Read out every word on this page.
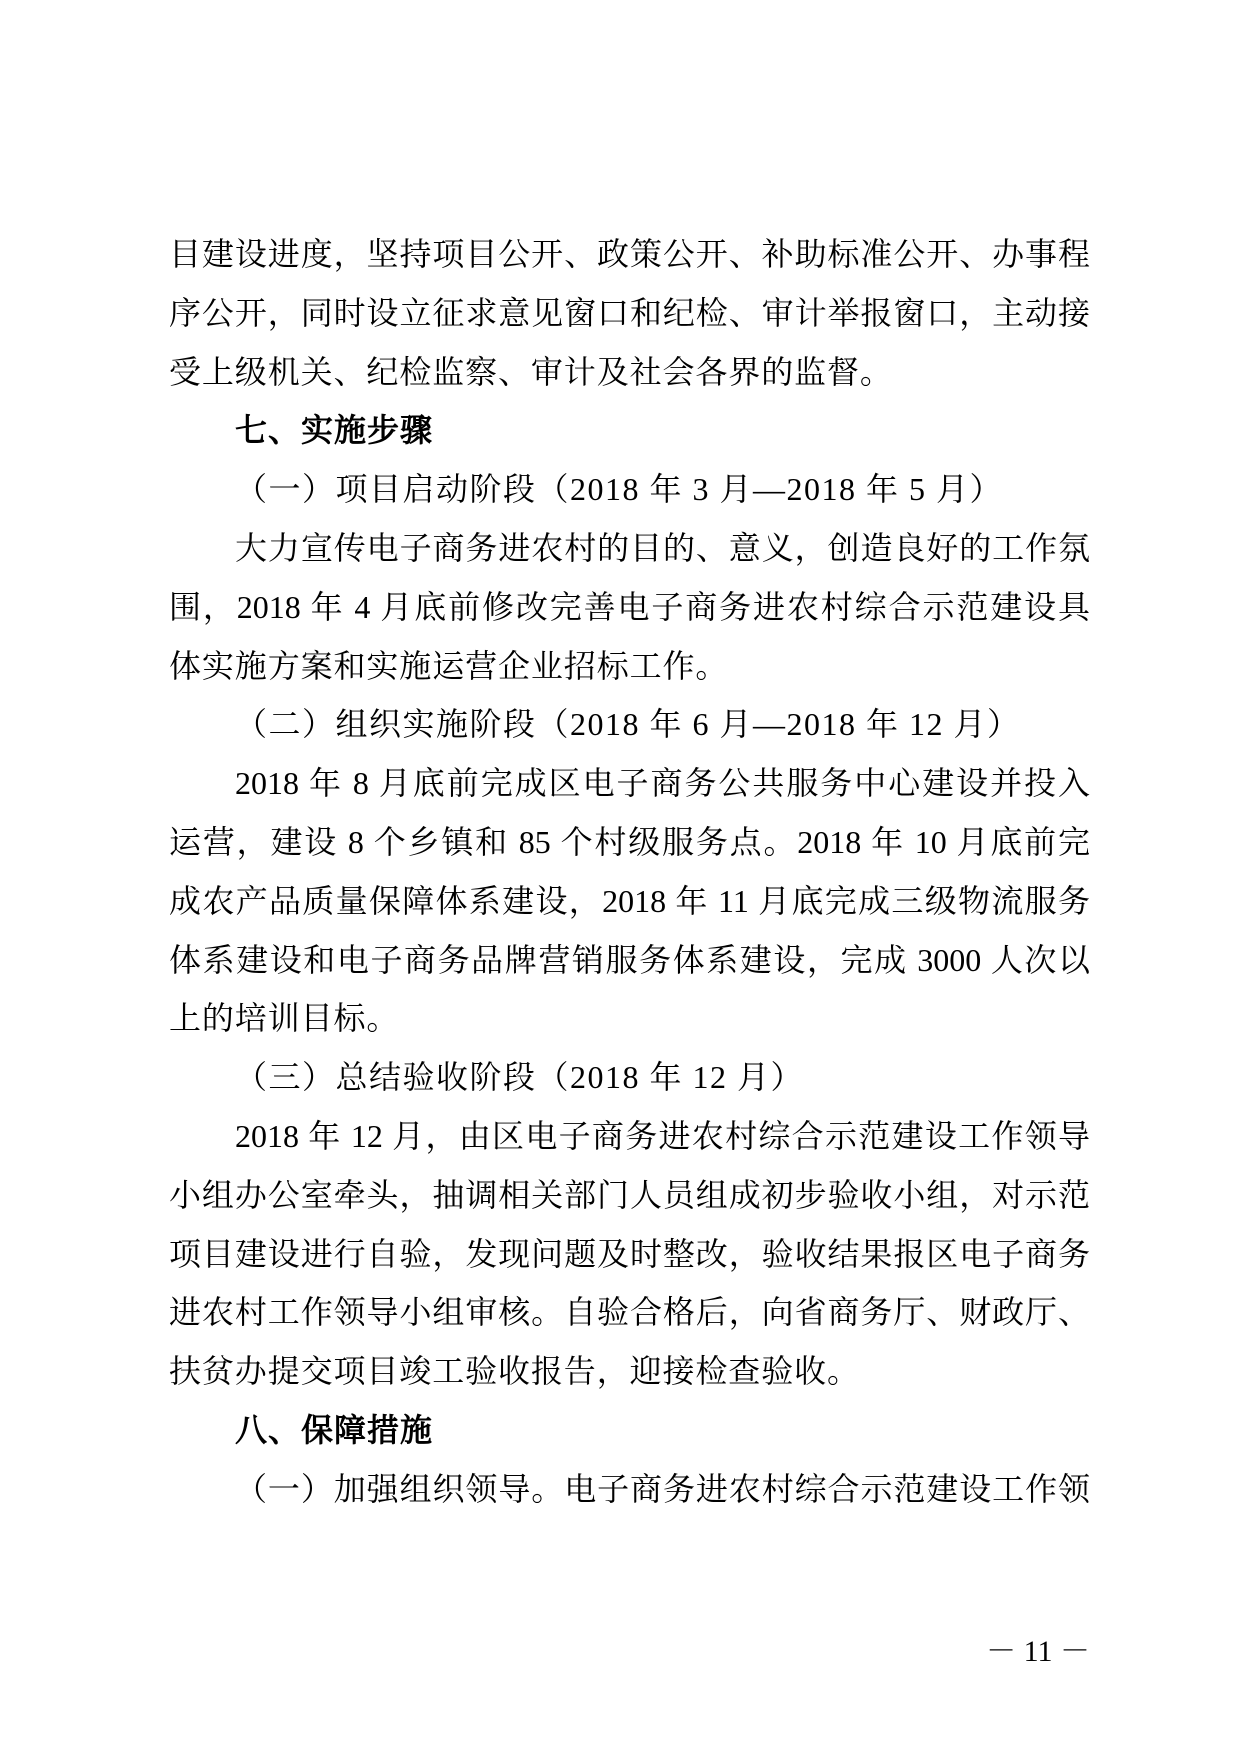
目建设进度，坚持项目公开、政策公开、补助标准公开、办事程
序公开，同时设立征求意见窗口和纪检、审计举报窗口，主动接
受上级机关、纪检监察、审计及社会各界的监督。
七、实施步骤
（一）项目启动阶段（2018 年 3 月—2018 年 5 月）
大力宣传电子商务进农村的目的、意义，创造良好的工作氛
围，2018 年 4 月底前修改完善电子商务进农村综合示范建设具
体实施方案和实施运营企业招标工作。
（二）组织实施阶段（2018 年 6 月—2018 年 12 月）
2018 年 8 月底前完成区电子商务公共服务中心建设并投入
运营，建设 8 个乡镇和 85 个村级服务点。2018 年 10 月底前完
成农产品质量保障体系建设，2018 年 11 月底完成三级物流服务
体系建设和电子商务品牌营销服务体系建设，完成 3000 人次以
上的培训目标。
（三）总结验收阶段（2018 年 12 月）
2018 年 12 月，由区电子商务进农村综合示范建设工作领导
小组办公室牵头，抽调相关部门人员组成初步验收小组，对示范
项目建设进行自验，发现问题及时整改，验收结果报区电子商务
进农村工作领导小组审核。自验合格后，向省商务厅、财政厅、
扶贫办提交项目竣工验收报告，迎接检查验收。
八、保障措施
（一）加强组织领导。电子商务进农村综合示范建设工作领
－ 11 －
